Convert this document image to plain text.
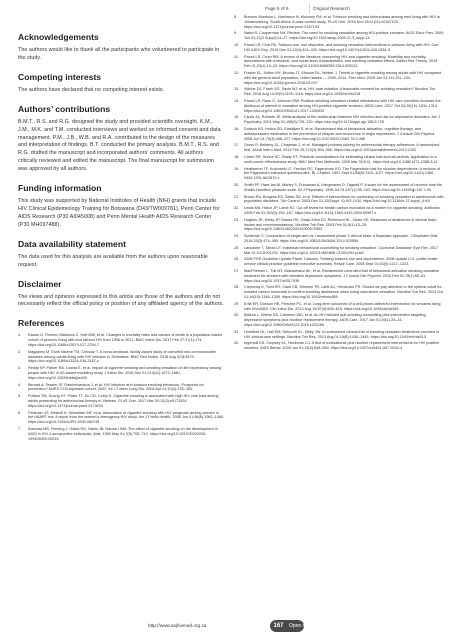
Page 5 of 6	Original Research
Acknowledgements

The authors would like to thank all the participants who volunteered to participate in the study.

Competing interests

The authors have declared that no competing interest exists.

Authors’ contributions

B.M.T., R.S. and R.G. designed the study and provided scientific oversight. K.M., J.M., M.K. and T.M. conducted interviews and worked on informed consent and data management. P.M., J.B., W.B. and R.A. contributed to the design of the measures and interpretation of findings. B.T. conducted the primary analysis. B.M.T., R.S. and R.G. drafted the manuscript and incorporated authors’ comments. All authors critically reviewed and edited the manuscript. The final manuscript for submission was approved by all authors.

Funding information

This study was supported by National Institutes of Health (NIH) grants that include HIV Clinical Epidemiology Training for Botswana (D43/TW009781), Penn Center for AIDS Research (P30 AI045008) and Penn Mental Health AIDS Research Center (P30 MH097488).

Data availability statement

The data used for this analysis are available from the authors upon reasonable request.

Disclaimer

The views and opinions expressed in this article are those of the authors and do not necessarily reflect the official policy or position of any affiliated agency of the authors.

References
1.	Esawo D, Romeo-Villalobos C, Huff MW, et al. Changes in mortality rates and causes of death in a population-based cohort of persons living with and without HIV from 1996 to 2012. BMC Infect Dis. 2017 Feb 27;17(1):174. https://doi.org/10.1186/s12879-017-2254-7
2.	Magaziesi M, Ekah Nkome TM, Chinzaz T. A cross-sectional, facility-based study of comorbid non-communicable diseases among adults living with HIV infection in Zimbabwe. BMC Res Notes. 2018 Aug 02;8:5379. https://doi.org/10.1186/s13104-016-2187-z
3.	Reddy KP, Parker RA, Losina E, et al. Impact of cigarette smoking and smoking cessation on life expectancy among people with HIV: A US-based modeling study. J Infect Dis. 2016 Dec 01;214(11):1672–1681. https://doi.org/10.1093/infdis/jiw430
4.	Benard A, Tessier JF, Rambeloarisoa J, et al. HIV infection and tobacco smoking behaviour: Prospects for prevention? ANRS CO3 Aquitaine cohort, 2002. Int J Tuberc Lung Dis. 2006 Apr 01;10(4):378–383.
5.	Pollack TM, Duong HT, Pham TT, Do CD, Colby D. Cigarette smoking is associated with high HIV viral load among adults presenting for antiretroviral therapy in Vietnam. PLoS One. 2017 Mar 30;12(3):e0173534. https://doi.org/10.1371/journal.pone.0173534
6.	Feldman JG, Minkoff H, Schneider MF, et al. Association of cigarette smoking with HIV prognosis among women in the HAART era: A report from the women's interagency HIV study. Am J Public Health. 2006 Jun 01;96(6):1060–1065. https://doi.org/10.2105/AJPH.2005.062745
7.	Kwenaw MS, Fleming J, Gates RS, Harris JB, Nduwe I BM. The effect of cigarette smoking on the development of AIDS in HIV-1-seropositive individuals. Aids. 1993 May 01;7(5):705–710. https://doi.org/10.1097/00002030-199305000-00015
8.	Brenner Murrison L, Martinson N, Moloney FM, et al. Tobacco smoking and tuberculosis among men living with HIV in Johannesburg, South Africa: A case-control study. PLoS One. 2016 Nov 28;11(11):e0167133. https://doi.org/10.1371/journal.pone.0167133
9.	Nahvi S, Cooperman NA. Review: The need for smoking cessation among HIV-positive smokers. AIDS Educ Prev. 2009 Jun 01;21(3 Suppl):14–27. https://doi.org/10.1521/aeap.2009.21.3_supp.14
10.	Pacek LR, Cioe PA. Tobacco use, use disorders, and smoking cessation interventions in persons living with HIV. Curr HIV AIDS Rep. 2015 Dec 01;12(4):413–420. https://doi.org/10.1007/s11904-015-0281-9
11.	Pacek LR, Crum RM. A review of the literature concerning HIV and cigarette smoking: Morbidity and mortality, associations with individual- and social-level characteristics, and smoking cessation efforts. Addict Res Theory. 2015 Feb 01;23(1):10–23. https://doi.org/10.3109/16066359.2014.920013
12.	Frazier EL, Sutton MY, Brooks JT, Shouse RL, Weiser J. Trends in cigarette smoking among adults with HIV compared with the general adult population, united states — 2009–2014. Prev Med. 2018 Jun 01;111:231–234. https://doi.org/10.1016/j.ypmed.2018.03.007
13.	Vidrine DJ, Frank SG, Savin MJ, et al. HIV care initiation: A teachable moment for smoking cessation? Nicotine Tob Res. 2018 Aug 14;20(9):1109–1116. https://doi.org/10.1093/ntr/ntx218
14.	Pacek LR, Rass O, Johnson MW. Positive smoking cessation-related interactions with HIV care providers increase the likelihood of interest in cessation among HIV-positive cigarette smokers. AIDS Care. 2017 Oct 03;29(10):1309–1314. https://doi.org/10.1080/09540121.2017.1330532
15.	Ciszla JA, Roberts JE. Meta-analysis of the relationship between HIV infection and risk for depressive disorders. Am J Psychiatry. 2001 May 01;158(5):725–730. https://doi.org/10.1176/appi.ajp.158.5.725
16.	Dobson KS, Hollon SD, Dimidjian S, et al. Randomized trial of behavioral activation, cognitive therapy, and antidepressant medication in the prevention of relapse and recurrence in major depression. J Consult Clin Psychol. 2008 Jun 01;76(3):468–477. https://doi.org/10.1037/0022-006X.76.3.468
17.	Gross R, Bellamy SL, Chapman J, et al. Managed problem solving for antiretroviral therapy adherence: A randomized trial. JAMA Intern Med. 2013 Feb 25;173(4):300–306. https://doi.org/10.1001/jamainternmed.2013.2152
18.	Carter RE, Sonne SC, Brady KT. Practical considerations for estimating clinical trial accrual periods: Application to a multi-center effectiveness study. BMC Med Res Methodol. 2005 Mar 30;5:11. https://doi.org/10.1186/1471-2288-5-11
19.	Heatherton TF, Kozlowski LT, Frecker RC, Fagerstrom KO. The Fagerstrom test for nicotine dependence: A revision of the Fagerstrom tolerance questionnaire. Br J Addict. 1991 Sept 01;86(9):1119–1127. https://doi.org/10.1111/j.1360-0443.1991.tb01879.x
20.	Smith PF, Hare-Ian M, Morley S, Purnawan A, Hargreaves D, Tagwell P. A scale for the assessment of hedonic tone the Snaith-Hamilton pleasure scale. Br J Psychiatry. 1995 Jul 01;167(1):99–103. https://doi.org/10.1192/bjp.167.1.99
21.	Brown RA, Burgess ES, Sales SD, et al. Effects of interventions on continuing on smoking cessation in adolescents with psychiatric disorders. Tob Control. 2003 Dec 01;12(Suppl. 4):IV3–IV10. https://doi.org/10.1136/tc.12.suppl_4.iv3
22.	Lewis MA, Hatch JP, Lamb RJ. Cut-off levels for breath carbon monoxide as a marker for cigarette smoking. Addiction. 2005 Feb 01;100(2):159–167. https://doi.org/10.1111/j.1360-0443.2004.00957.x
23.	Hughes JR, Keely JP, Niaura RS, Ossip-Klein DJ, Richmond RL, Swan GE. Measures of abstinence in clinical trials: Issues and recommendations. Nicotine Tob Res. 2003 Feb 01;5(1):13–25. https://doi.org/10.1080/1462220031000070552
24.	Svetkovic V. Comparison of single-arm vs. randomized phase II clinical trials: A Bayesian approach. J Biopharm Stat. 2015;25(3):474–489. https://doi.org/10.1080/10543406.2014.920856
25.	Lancaster T, Stead LF. Individual behavioural counselling for smoking cessation. Cochrane Database Syst Rev. 2017 Mar 31;3:CD001292. https://doi.org/10.1002/14651858.CD001292.pub3
26.	2008 PHS Guideline Update Panel, Liaisons. Treating tobacco use and dependence: 2008 update U.S. public health service clinical practice guideline executive summary. Respir Care. 2008 Sept 01;53(9):1217–1222.
27.	MacPherson L, Tull MT, Matusiewicz AK, et al. Randomized controlled trial of behavioral activation smoking cessation treatment for smokers with elevated depressive symptoms. J Consult Clin Psychol. 2010 Feb 01;78(1):55–61. https://doi.org/10.1037/a0017939
28.	Creponay K, Toint ER, Clark CB, Stimmel TR, Lahti AC, Hendricks PS. Should we pay attention to the optimal cutoff for exhaled carbon monoxide to confirm smoking abstinence when using varenicline cessation. Nicotine Tob Res. 2014 Oct 01;16(10):1348–1355. https://doi.org/10.1093/ntr/ntu085
29.	Ertle ER, Dunson HE, Pietcher PC, et al. Long-term outcomes of a cell-phone-delivered intervention for smokers living with HIV/AIDS. Clin Infect Dis. 2013 Aug 15;57(4):608–615. https://doi.org/10.1093/cid/cit349
30.	Balfour L, Wiebe SA, Cameron WD, et al. An HIV-tailored quit-smoking counselling pilot intervention targeting depressive symptoms plus nicotine replacement therapy. AIDS Care. 2017 Jan 01;29(1):24–31. https://doi.org/10.1080/09540121.2016.1201189
31.	Humfleet GL, Hall SM, Delucchi KL, Dilley JW. A randomized clinical trial of smoking cessation treatments provided in HIV clinical care settings. Nicotine Tob Res. 2013 Aug 01;15(8):1436–1445. https://doi.org/10.1093/ntr/nts313
32.	Ingersoll KS, Cropsey KL, Heckman CJ. A test of motivational plus nicotine replacement interventions for HIV positive smokers. AIDS Behav. 2009 Jun 01;13(3):545–554. https://doi.org/10.1007/s10461-007-9334-4
http://www.sajhivmed.org.za	167	Open Access
